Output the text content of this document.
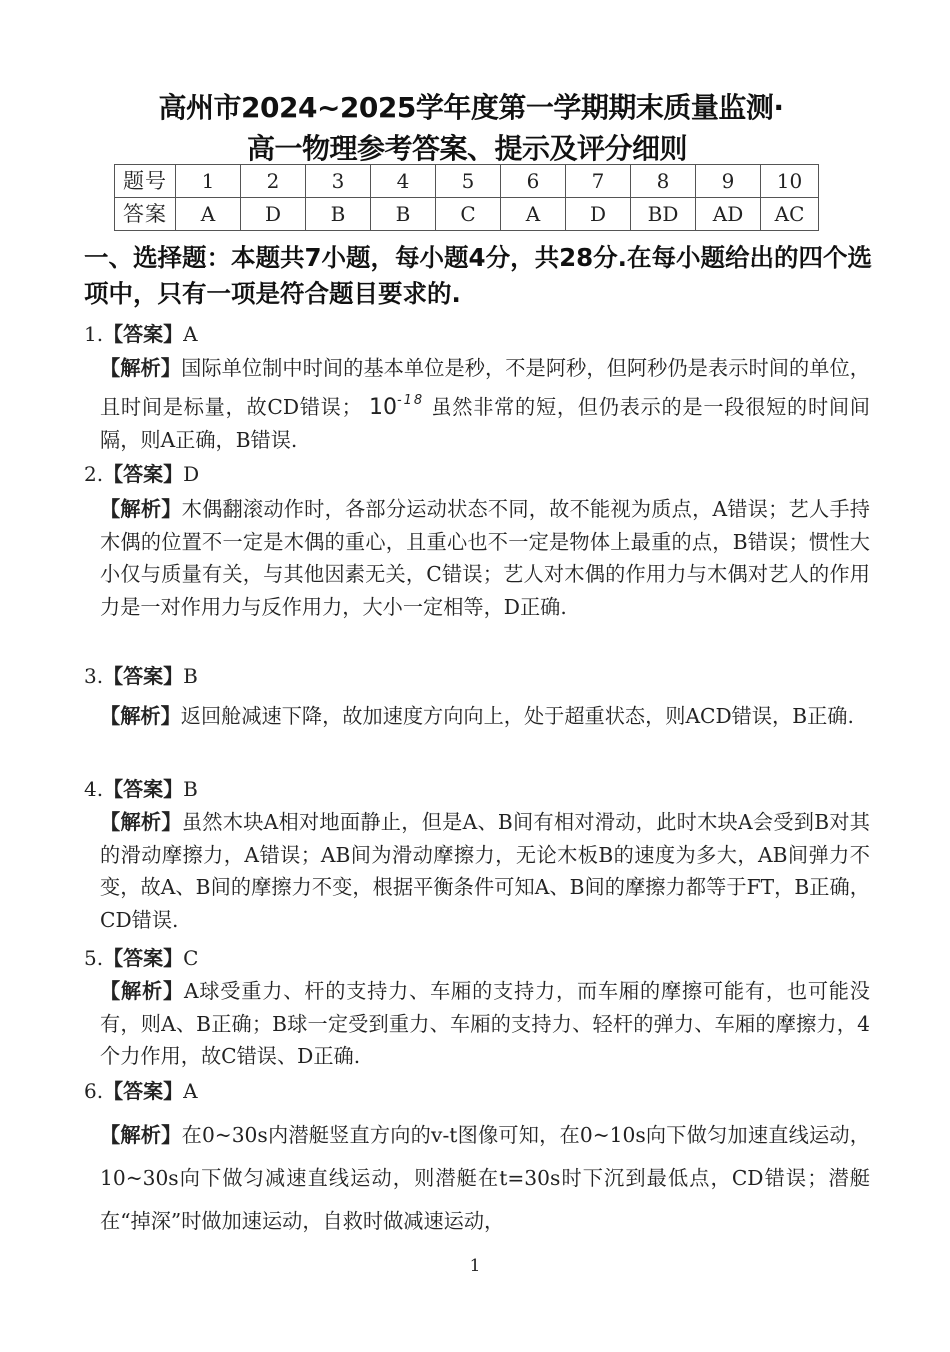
高州市2024~2025学年度第一学期期末质量监测·
高一物理参考答案、提示及评分细则
题号	1	2	3	4	5	6	7	8	9	10
答案	A	D	B	B	C	A	D	BD	AD	AC
一、选择题：本题共7小题，每小题4分，共28分.在每小题给出的四个选项中，只有一项是符合题目要求的.
1.【答案】A
【解析】国际单位制中时间的基本单位是秒，不是阿秒，但阿秒仍是表示时间的单位，且时间是标量，故CD错误； $10^{-18}$ 虽然非常的短，但仍表示的是一段很短的时间间隔，则A正确，B错误.
2.【答案】D
【解析】木偶翻滚动作时，各部分运动状态不同，故不能视为质点，A错误；艺人手持木偶的位置不一定是木偶的重心，且重心也不一定是物体上最重的点，B错误；惯性大小仅与质量有关，与其他因素无关，C错误；艺人对木偶的作用力与木偶对艺人的作用力是一对作用力与反作用力，大小一定相等，D正确.
3.【答案】B
【解析】返回舱减速下降，故加速度方向向上，处于超重状态，则ACD错误，B正确.
4.【答案】B
【解析】虽然木块A相对地面静止，但是A、B间有相对滑动，此时木块A会受到B对其的滑动摩擦力，A错误；AB间为滑动摩擦力，无论木板B的速度为多大，AB间弹力不变，故A、B间的摩擦力不变，根据平衡条件可知A、B间的摩擦力都等于FT，B正确，CD错误.
5.【答案】C
【解析】A球受重力、杆的支持力、车厢的支持力，而车厢的摩擦可能有，也可能没有，则A、B正确；B球一定受到重力、车厢的支持力、轻杆的弹力、车厢的摩擦力，4个力作用，故C错误、D正确.
6.【答案】A
【解析】在0~30s内潜艇竖直方向的v-t图像可知，在0~10s向下做匀加速直线运动，10~30s向下做匀减速直线运动，则潜艇在t=30s时下沉到最低点，CD错误；潜艇在“掉深”时做加速运动，自救时做减速运动，
1
